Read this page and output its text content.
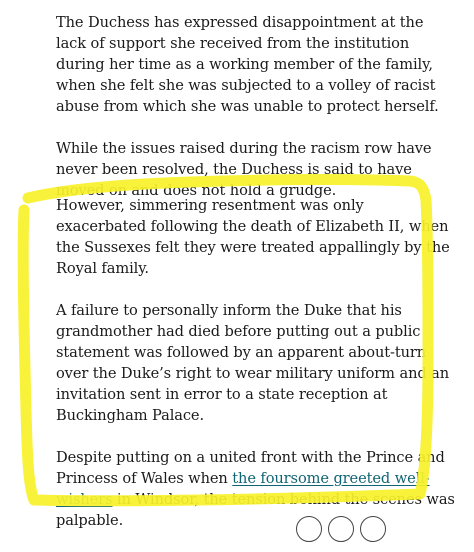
The Duchess has expressed disappointment at the lack of support she received from the institution during her time as a working member of the family, when she felt she was subjected to a volley of racist abuse from which she was unable to protect herself.

While the issues raised during the racism row have never been resolved, the Duchess is said to have moved on and does not hold a grudge.

However, simmering resentment was only exacerbated following the death of Elizabeth II, when the Sussexes felt they were treated appallingly by the Royal family.

A failure to personally inform the Duke that his grandmother had died before putting out a public statement was followed by an apparent about-turn over the Duke’s right to wear military uniform and an invitation sent in error to a state reception at Buckingham Palace.

Despite putting on a united front with the Prince and Princess of Wales when the foursome greeted well-wishers in Windsor, the tension behind the scenes was palpable.
